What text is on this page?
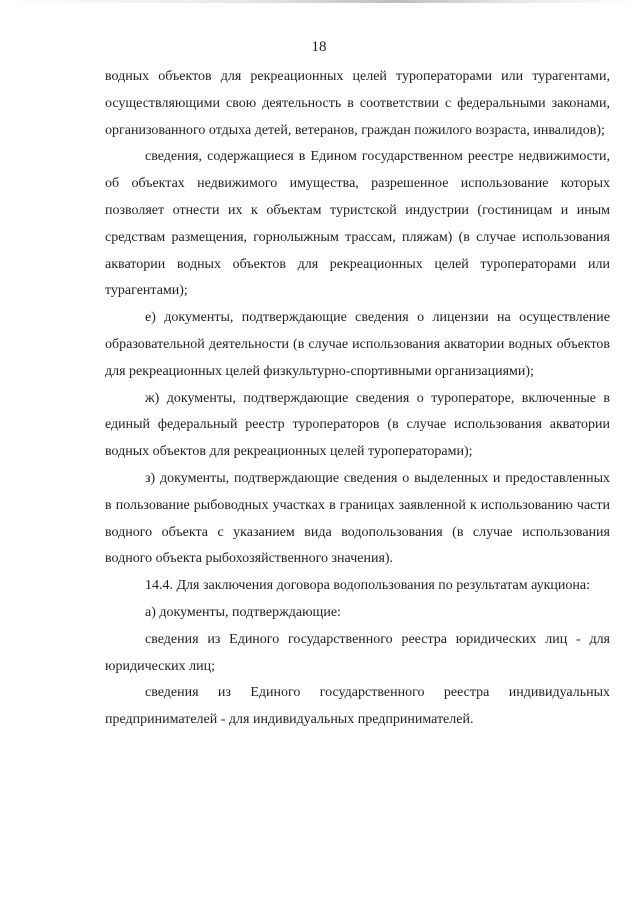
18

водных объектов для рекреационных целей туроператорами или турагентами, осуществляющими свою деятельность в соответствии с федеральными законами, организованного отдыха детей, ветеранов, граждан пожилого возраста, инвалидов);

сведения, содержащиеся в Едином государственном реестре недвижимости, об объектах недвижимого имущества, разрешенное использование которых позволяет отнести их к объектам туристской индустрии (гостиницам и иным средствам размещения, горнолыжным трассам, пляжам) (в случае использования акватории водных объектов для рекреационных целей туроператорами или турагентами);

е) документы, подтверждающие сведения о лицензии на осуществление образовательной деятельности (в случае использования акватории водных объектов для рекреационных целей физкультурно-спортивными организациями);

ж) документы, подтверждающие сведения о туроператоре, включенные в единый федеральный реестр туроператоров (в случае использования акватории водных объектов для рекреационных целей туроператорами);

з) документы, подтверждающие сведения о выделенных и предоставленных в пользование рыбоводных участках в границах заявленной к использованию части водного объекта с указанием вида водопользования (в случае использования водного объекта рыбохозяйственного значения).

14.4. Для заключения договора водопользования по результатам аукциона:

а) документы, подтверждающие:

сведения из Единого государственного реестра юридических лиц - для юридических лиц;

сведения из Единого государственного реестра индивидуальных предпринимателей - для индивидуальных предпринимателей.
